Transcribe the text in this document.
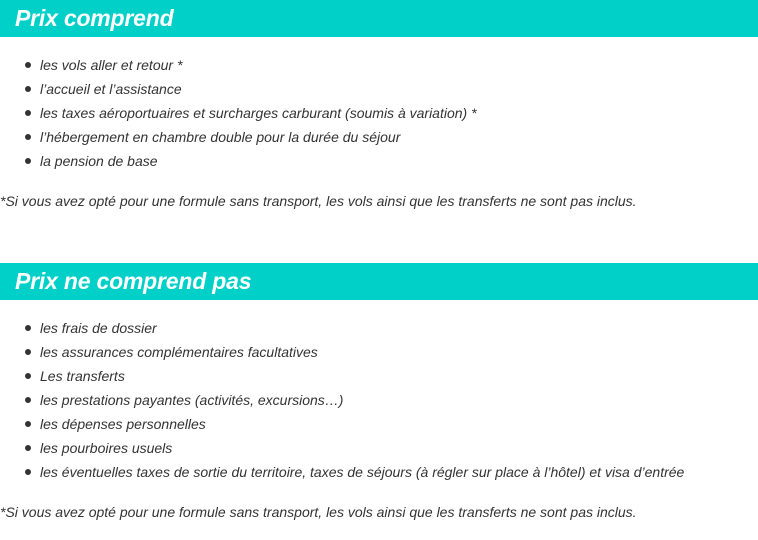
Prix comprend
les vols aller et retour *
l’accueil et l’assistance
les taxes aéroportuaires et surcharges carburant (soumis à variation) *
l’hébergement en chambre double pour la durée du séjour
la pension de base

*Si vous avez opté pour une formule sans transport, les vols ainsi que les transferts ne sont pas inclus.

Prix ne comprend pas
les frais de dossier
les assurances complémentaires facultatives
Les transferts
les prestations payantes (activités, excursions…)
les dépenses personnelles
les pourboires usuels
les éventuelles taxes de sortie du territoire, taxes de séjours (à régler sur place à l’hôtel) et visa d’entrée

*Si vous avez opté pour une formule sans transport, les vols ainsi que les transferts ne sont pas inclus.
